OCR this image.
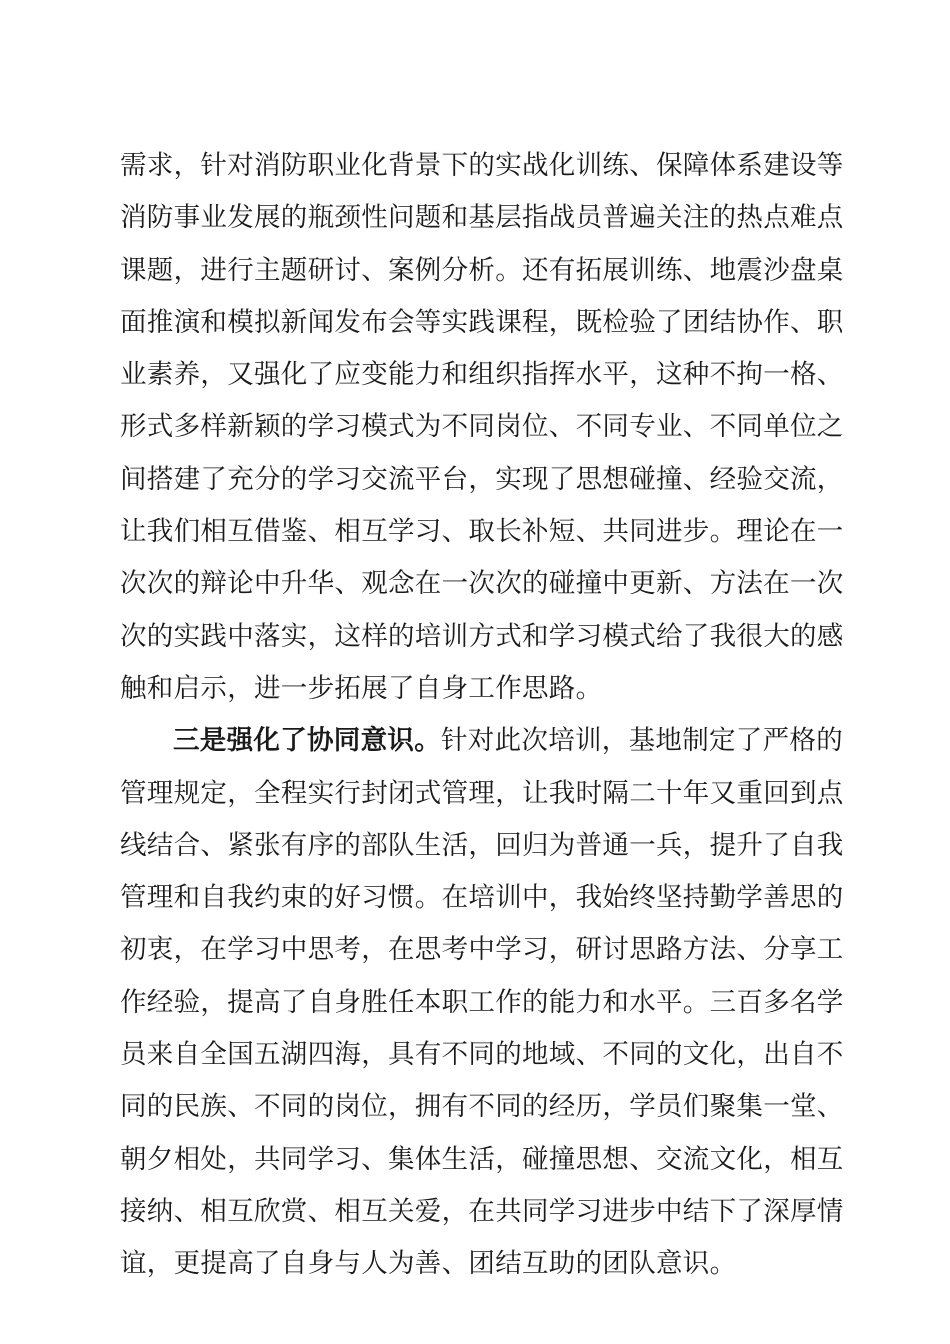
需求，针对消防职业化背景下的实战化训练、保障体系建设等
消防事业发展的瓶颈性问题和基层指战员普遍关注的热点难点
课题，进行主题研讨、案例分析。还有拓展训练、地震沙盘桌
面推演和模拟新闻发布会等实践课程，既检验了团结协作、职
业素养，又强化了应变能力和组织指挥水平，这种不拘一格、
形式多样新颖的学习模式为不同岗位、不同专业、不同单位之
间搭建了充分的学习交流平台，实现了思想碰撞、经验交流，
让我们相互借鉴、相互学习、取长补短、共同进步。理论在一
次次的辩论中升华、观念在一次次的碰撞中更新、方法在一次
次的实践中落实，这样的培训方式和学习模式给了我很大的感
触和启示，进一步拓展了自身工作思路。
三是强化了协同意识。针对此次培训，基地制定了严格的
管理规定，全程实行封闭式管理，让我时隔二十年又重回到点
线结合、紧张有序的部队生活，回归为普通一兵，提升了自我
管理和自我约束的好习惯。在培训中，我始终坚持勤学善思的
初衷，在学习中思考，在思考中学习，研讨思路方法、分享工
作经验，提高了自身胜任本职工作的能力和水平。三百多名学
员来自全国五湖四海，具有不同的地域、不同的文化，出自不
同的民族、不同的岗位，拥有不同的经历，学员们聚集一堂、
朝夕相处，共同学习、集体生活，碰撞思想、交流文化，相互
接纳、相互欣赏、相互关爱，在共同学习进步中结下了深厚情
谊，更提高了自身与人为善、团结互助的团队意识。
